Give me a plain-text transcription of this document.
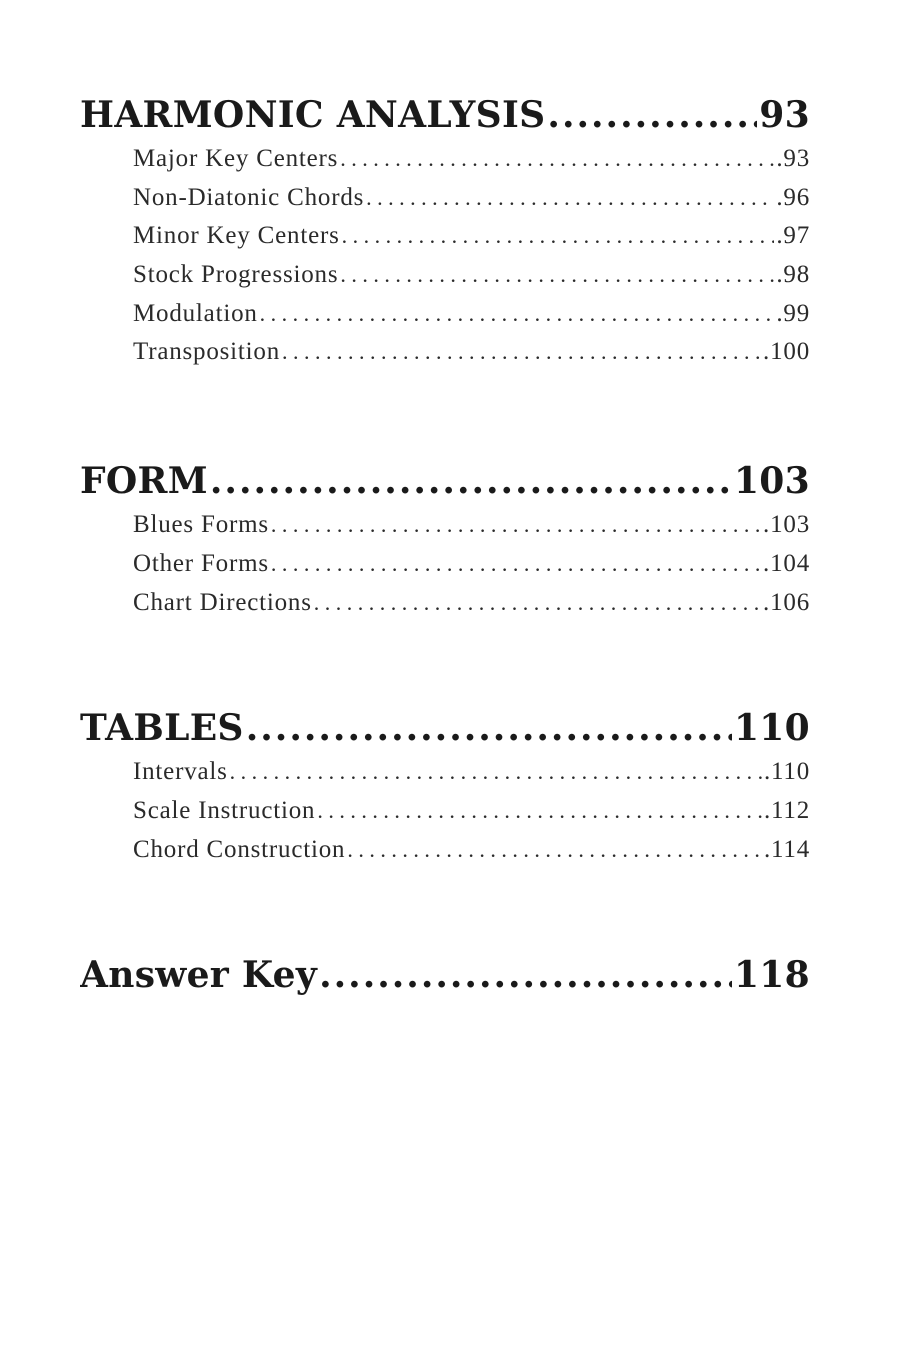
HARMONIC ANALYSIS .....	93
Major Key Centers . . .	.93
Non-Diatonic Chords . . .	.96
Minor Key Centers . . .	.97
Stock Progressions . . .	.98
Modulation . . .	.99
Transposition . . .	.100
FORM .....	103
Blues Forms . . .	.103
Other Forms . . .	.104
Chart Directions . . .	.106
TABLES .....	110
Intervals . . .	.110
Scale Instruction . . .	.112
Chord Construction . . .	.114
Answer Key .....	118
